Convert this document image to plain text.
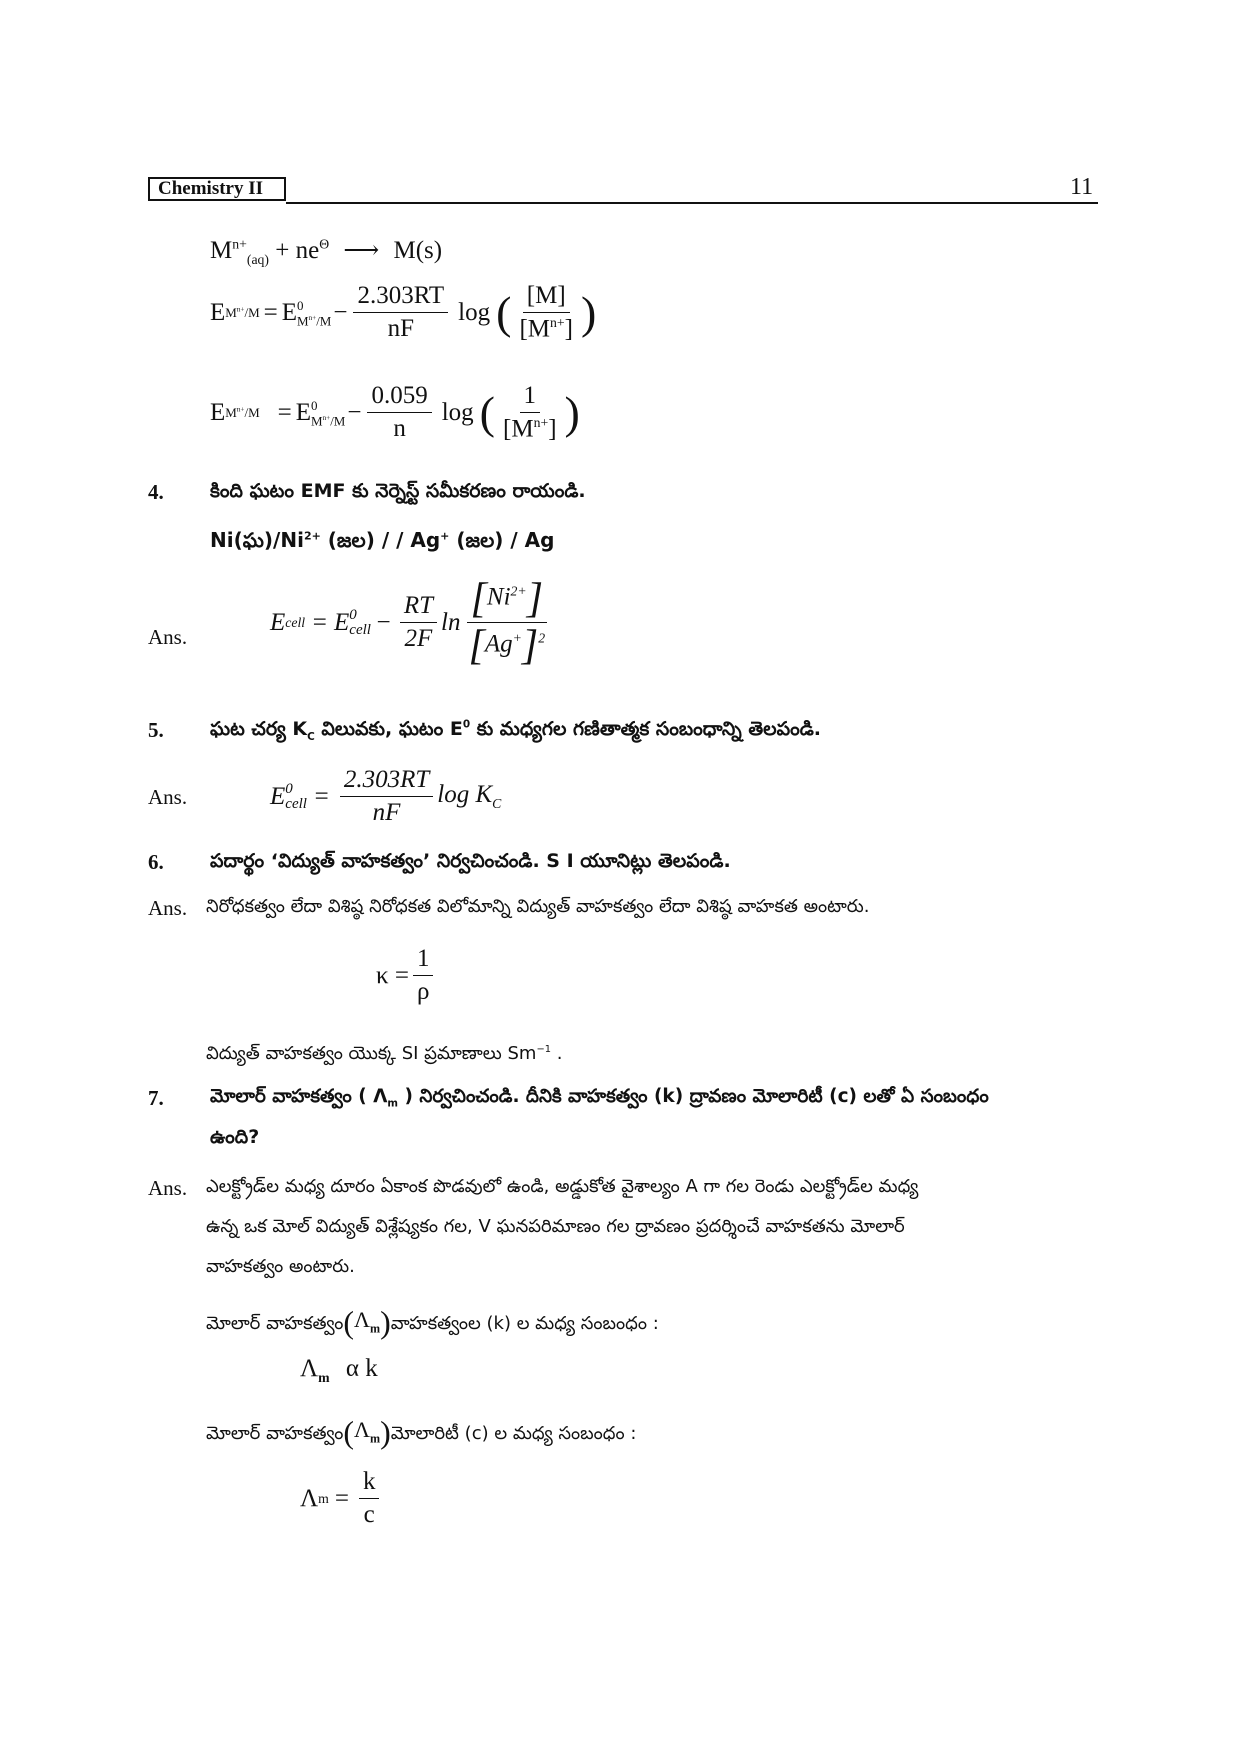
Chemistry II	11
$M^{n+}_{(aq)} + ne^\Theta$ ⟶ M(s)
E $M^{n+}/M = E$ 0
$M^{n+}/M - \frac{2.303RT}{nF}$ log ( $\frac{[M]}{[M^{n+}]}$ )
E $M^{n+}/M = E$ 0
$M^{n+}/M - \frac{0.059}{n}$ log ( $\frac{1}{[M^{n+}]}$ )
4. కింది ఘటం EMF కు నెర్నెస్ట్ సమీకరణం రాయండి.
$Ni(ఘ)/Ni^{2+}$ (జల) / / Ag+ (జల) / Ag
Ans.
E cell = E 0
cell − $\frac{RT}{2F}$ $\ln \frac{[Ni^{2+}]}{[Ag^+]^2}$
5. ఘట చర్య $K_C$ విలువకు, ఘటం $E^0$ కు మధ్యగల గణితాత్మక సంబంధాన్ని తెలపండి.
Ans.	E 0
cell = $\frac{2.303RT}{nF}$ $\log K_C$
6. పదార్థం ‘విద్యుత్ వాహకత్వం’ నిర్వచించండి. S I యూనిట్లు తెలపండి.
Ans. నిరోధకత్వం లేదా విశిష్ఠ నిరోధకత విలోమాన్ని విద్యుత్ వాహకత్వం లేదా విశిష్ఠ వాహకత అంటారు.
$\kappa = \frac{1}{\rho}$
విద్యుత్ వాహకత్వం యొక్క SI ప్రమాణాలు $Sm^{-1}$ .
7.	మోలార్ వాహకత్వం ( $\Lambda_m$ ) నిర్వచించండి. దీనికి వాహకత్వం (k) ద్రావణం మోలారిటీ (c) లతో ఏ సంబంధం
ఉంది?
Ans. ఎలక్ట్రోడ్‌ల మధ్య దూరం ఏకాంక పొడవులో ఉండి, అడ్డుకోత వైశాల్యం A గా గల రెండు ఎలక్ట్రోడ్‌ల మధ్య
ఉన్న ఒక మోల్ విద్యుత్ విశ్లేష్యకం గల, V ఘనపరిమాణం గల ద్రావణం ప్రదర్శించే వాహకతను మోలార్
వాహకత్వం అంటారు.
మోలార్ వాహకత్వం $(\Lambda_m)$ వాహకత్వంల (k) ల మధ్య సంబంధం :
$\Lambda_m$ α k
మోలార్ వాహకత్వం $(\Lambda_m)$ మోలారిటీ (c) ల మధ్య సంబంధం :
Λ $m = \frac{k}{c}$
